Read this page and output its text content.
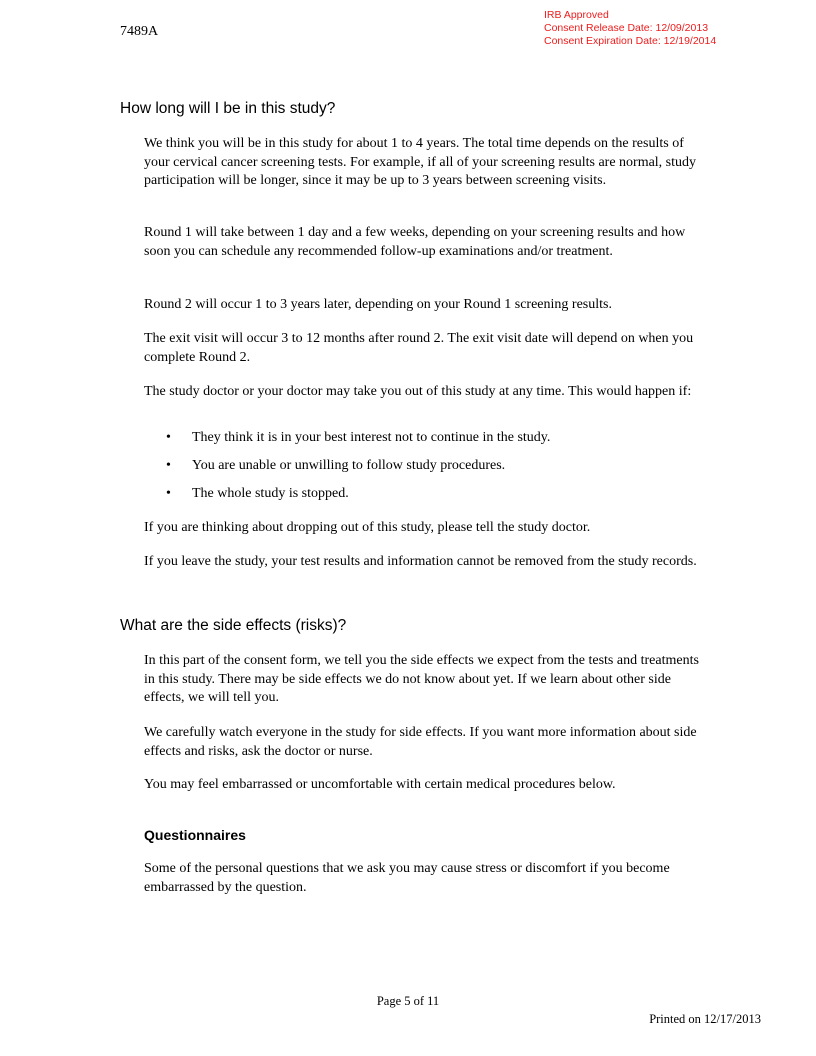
7489A
IRB Approved
Consent Release Date: 12/09/2013
Consent Expiration Date: 12/19/2014
How long will I be in this study?

We think you will be in this study for about 1 to 4 years. The total time depends on the results of your cervical cancer screening tests. For example, if all of your screening results are normal, study participation will be longer, since it may be up to 3 years between screening visits.

Round 1 will take between 1 day and a few weeks, depending on your screening results and how soon you can schedule any recommended follow-up examinations and/or treatment.

Round 2 will occur 1 to 3 years later, depending on your Round 1 screening results.

The exit visit will occur 3 to 12 months after round 2. The exit visit date will depend on when you complete Round 2.

The study doctor or your doctor may take you out of this study at any time. This would happen if:

• They think it is in your best interest not to continue in the study.
• You are unable or unwilling to follow study procedures.
• The whole study is stopped.

If you are thinking about dropping out of this study, please tell the study doctor.

If you leave the study, your test results and information cannot be removed from the study records.

What are the side effects (risks)?

In this part of the consent form, we tell you the side effects we expect from the tests and treatments in this study. There may be side effects we do not know about yet. If we learn about other side effects, we will tell you.

We carefully watch everyone in the study for side effects. If you want more information about side effects and risks, ask the doctor or nurse.

You may feel embarrassed or uncomfortable with certain medical procedures below.

Questionnaires

Some of the personal questions that we ask you may cause stress or discomfort if you become embarrassed by the question.

Page 5 of 11
Printed on 12/17/2013
